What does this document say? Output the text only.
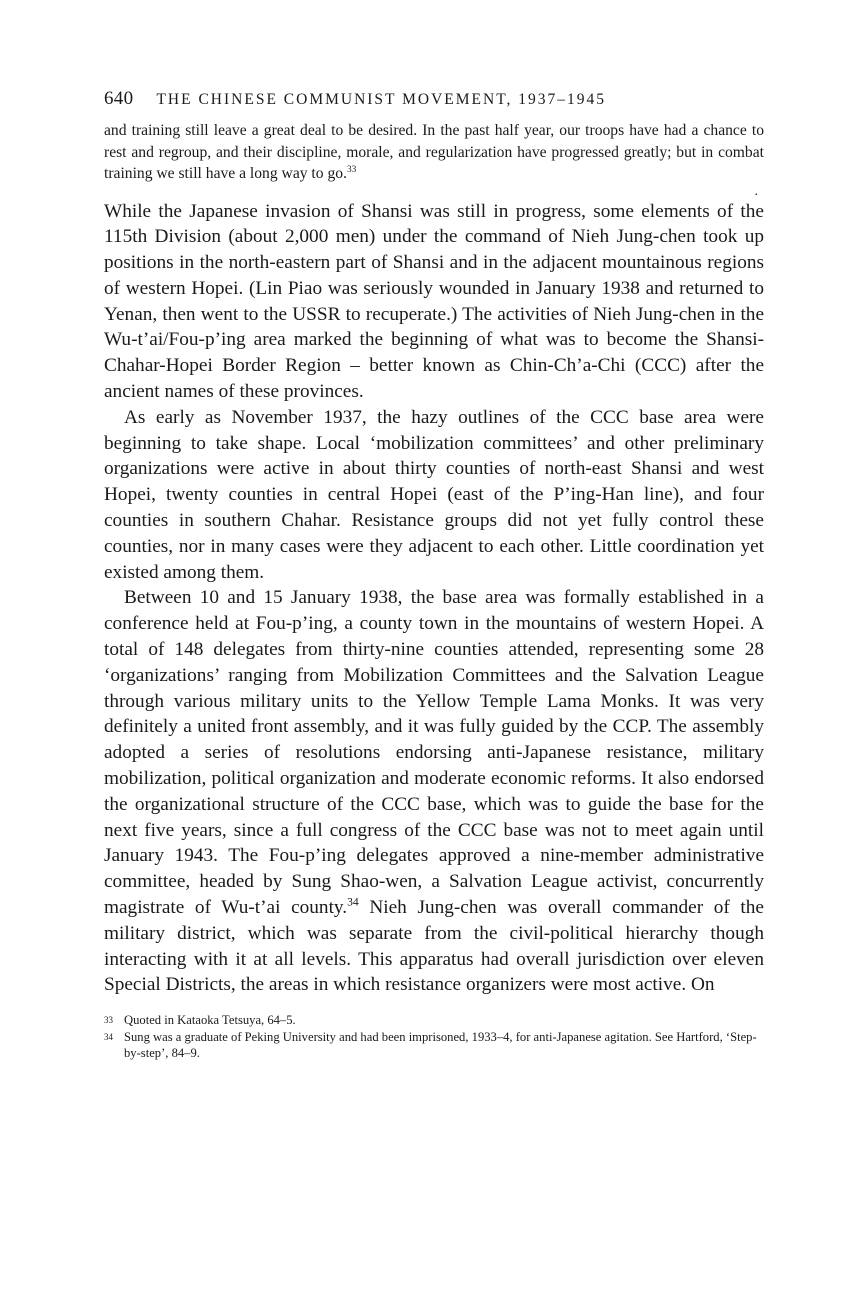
640 THE CHINESE COMMUNIST MOVEMENT, 1937–1945
and training still leave a great deal to be desired. In the past half year, our troops have had a chance to rest and regroup, and their discipline, morale, and regularization have progressed greatly; but in combat training we still have a long way to go.$^{33}$
.

While the Japanese invasion of Shansi was still in progress, some elements of the 115th Division (about 2,000 men) under the command of Nieh Jung-chen took up positions in the north-eastern part of Shansi and in the adjacent mountainous regions of western Hopei. (Lin Piao was seriously wounded in January 1938 and returned to Yenan, then went to the USSR to recuperate.) The activities of Nieh Jung-chen in the Wu-t’ai/Fou-p’ing area marked the beginning of what was to become the Shansi-Chahar-Hopei Border Region – better known as Chin-Ch’a-Chi (CCC) after the ancient names of these provinces.

As early as November 1937, the hazy outlines of the CCC base area were beginning to take shape. Local ‘mobilization committees’ and other preliminary organizations were active in about thirty counties of north-east Shansi and west Hopei, twenty counties in central Hopei (east of the P’ing-Han line), and four counties in southern Chahar. Resistance groups did not yet fully control these counties, nor in many cases were they adjacent to each other. Little coordination yet existed among them.

Between 10 and 15 January 1938, the base area was formally established in a conference held at Fou-p’ing, a county town in the mountains of western Hopei. A total of 148 delegates from thirty-nine counties attended, representing some 28 ‘organizations’ ranging from Mobilization Committees and the Salvation League through various military units to the Yellow Temple Lama Monks. It was very definitely a united front assembly, and it was fully guided by the CCP. The assembly adopted a series of resolutions endorsing anti-Japanese resistance, military mobilization, political organization and moderate economic reforms. It also endorsed the organizational structure of the CCC base, which was to guide the base for the next five years, since a full congress of the CCC base was not to meet again until January 1943. The Fou-p’ing delegates approved a nine-member administrative committee, headed by Sung Shao-wen, a Salvation League activist, concurrently magistrate of Wu-t’ai county.$^{34}$ Nieh Jung-chen was overall commander of the military district, which was separate from the civil-political hierarchy though interacting with it at all levels. This apparatus had overall jurisdiction over eleven Special Districts, the areas in which resistance organizers were most active. On

33 Quoted in Kataoka Tetsuya, 64–5.
34 Sung was a graduate of Peking University and had been imprisoned, 1933–4, for anti-Japanese agitation. See Hartford, ‘Step-by-step’, 84–9.
